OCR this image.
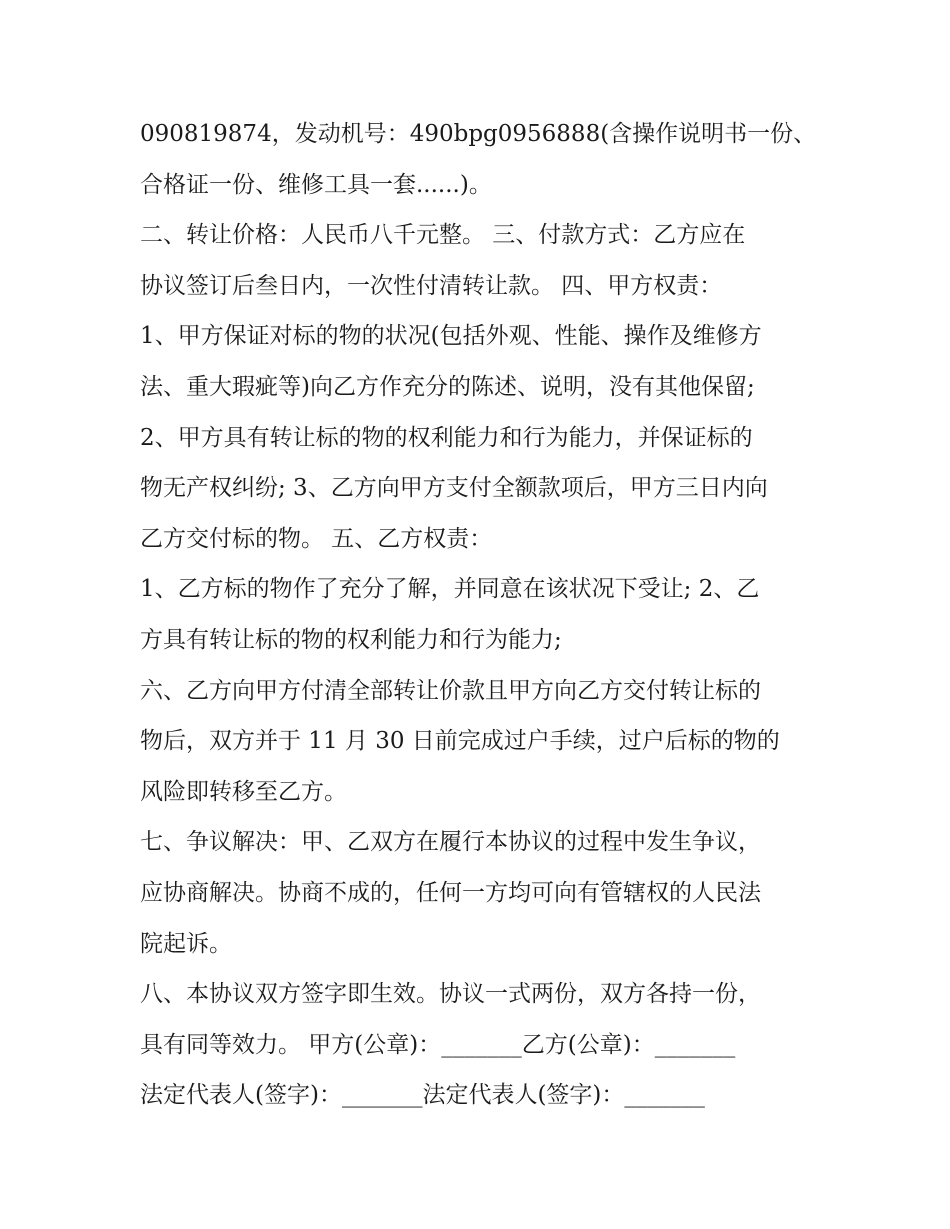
090819874，发动机号：490bpg0956888(含操作说明书一份、
合格证一份、维修工具一套......)。
二、转让价格：人民币八千元整。 三、付款方式：乙方应在
协议签订后叁日内，一次性付清转让款。 四、甲方权责：
1、甲方保证对标的物的状况(包括外观、性能、操作及维修方
法、重大瑕疵等)向乙方作充分的陈述、说明，没有其他保留;
2、甲方具有转让标的物的权利能力和行为能力，并保证标的
物无产权纠纷; 3、乙方向甲方支付全额款项后，甲方三日内向
乙方交付标的物。 五、乙方权责：
1、乙方标的物作了充分了解，并同意在该状况下受让; 2、乙
方具有转让标的物的权利能力和行为能力;
六、乙方向甲方付清全部转让价款且甲方向乙方交付转让标的
物后，双方并于 11 月 30 日前完成过户手续，过户后标的物的
风险即转移至乙方。
七、争议解决：甲、乙双方在履行本协议的过程中发生争议，
应协商解决。协商不成的，任何一方均可向有管辖权的人民法
院起诉。
八、本协议双方签字即生效。协议一式两份，双方各持一份，
具有同等效力。 甲方(公章)：_______乙方(公章)：_______
法定代表人(签字)：_______法定代表人(签字)：_______
